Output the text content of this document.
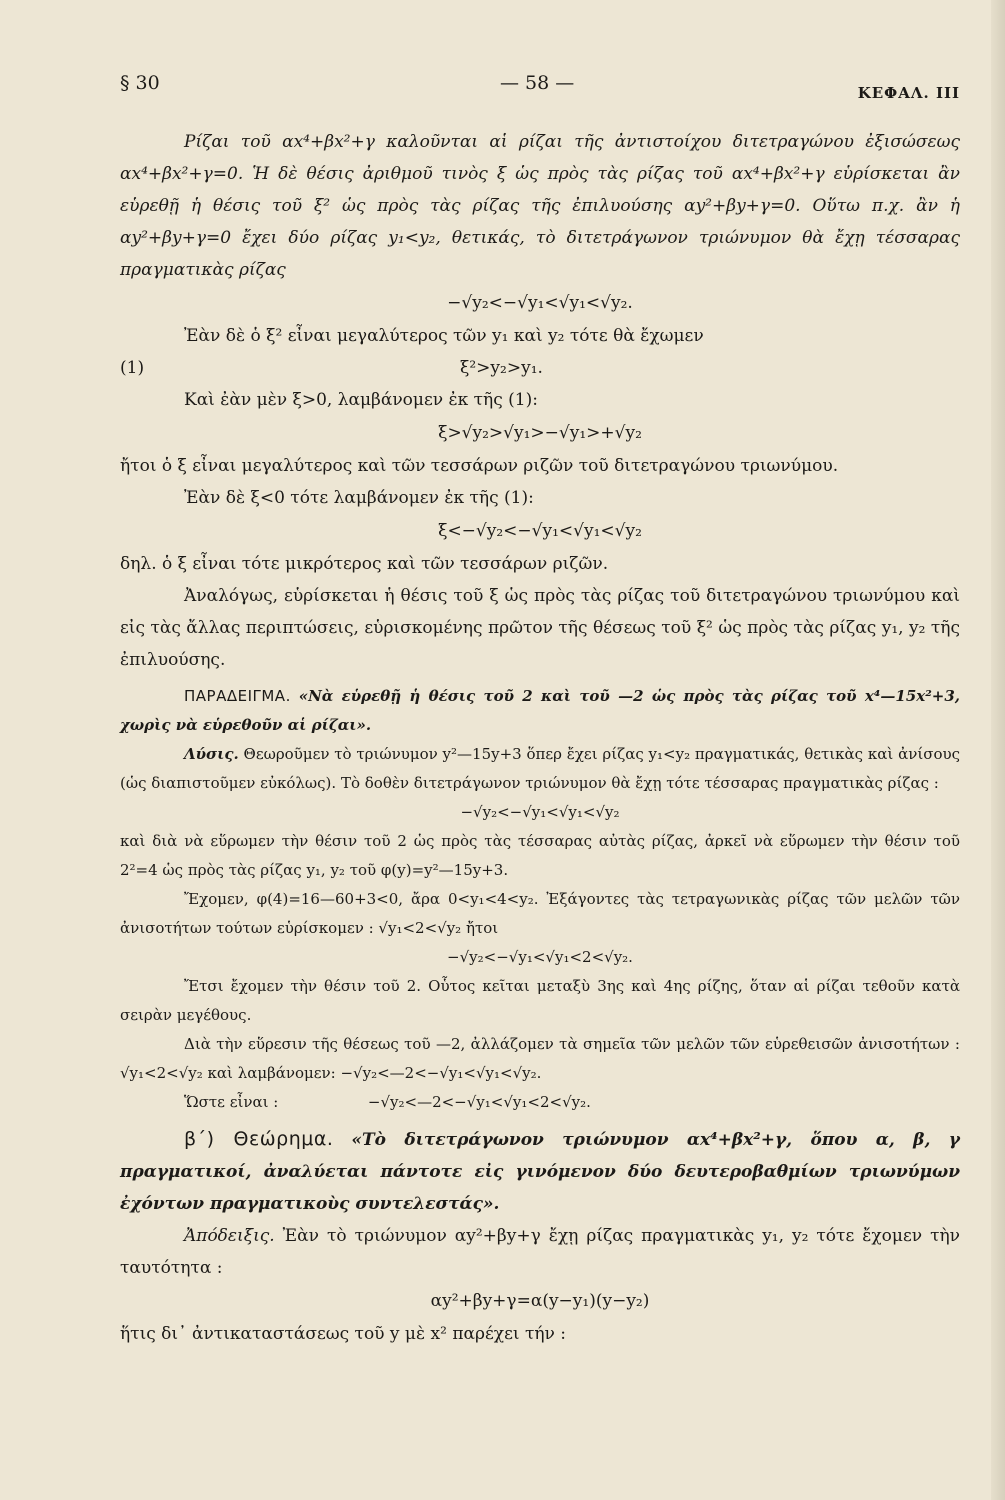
§ 30	— 58 —	ΚΕΦΑΛ. ΙΙΙ

Ρίζαι τοῦ αx⁴+βx²+γ καλοῦνται αἱ ρίζαι τῆς ἀντιστοίχου διτετραγώνου ἐξισώσεως αx⁴+βx²+γ=0. Ἡ δὲ θέσις ἀριθμοῦ τινὸς ξ ὡς πρὸς τὰς ρίζας τοῦ αx⁴+βx²+γ εὑρίσκεται ἂν εὑρεθῇ ἡ θέσις τοῦ ξ² ὡς πρὸς τὰς ρίζας τῆς ἐπιλυούσης αy²+βy+γ=0. Οὕτω π.χ. ἂν ἡ αy²+βy+γ=0 ἔχει δύο ρίζας y₁<y₂, θετικάς, τὸ διτετράγωνον τριώνυμον θὰ ἔχῃ τέσσαρας πραγματικὰς ρίζας

−√y₂<−√y₁<√y₁<√y₂.

Ἐὰν δὲ ὁ ξ² εἶναι μεγαλύτερος τῶν y₁ καὶ y₂ τότε θὰ ἔχωμεν

(1)	ξ²>y₂>y₁.

Καὶ ἐὰν μὲν ξ>0, λαμβάνομεν ἐκ τῆς (1):

ξ>√y₂>√y₁>−√y₁>+√y₂

ἤτοι ὁ ξ εἶναι μεγαλύτερος καὶ τῶν τεσσάρων ριζῶν τοῦ διτετραγώνου τριωνύμου.

Ἐὰν δὲ ξ<0 τότε λαμβάνομεν ἐκ τῆς (1):

ξ<−√y₂<−√y₁<√y₁<√y₂

δηλ. ὁ ξ εἶναι τότε μικρότερος καὶ τῶν τεσσάρων ριζῶν.

Ἀναλόγως, εὑρίσκεται ἡ θέσις τοῦ ξ ὡς πρὸς τὰς ρίζας τοῦ διτετραγώνου τριωνύμου καὶ εἰς τὰς ἄλλας περιπτώσεις, εὑρισκομένης πρῶτον τῆς θέσεως τοῦ ξ² ὡς πρὸς τὰς ρίζας y₁, y₂ τῆς ἐπιλυούσης.

ΠΑΡΑΔΕΙΓΜΑ. «Νὰ εὑρεθῇ ἡ θέσις τοῦ 2 καὶ τοῦ —2 ὡς πρὸς τὰς ρίζας τοῦ x⁴—15x²+3, χωρὶς νὰ εὑρεθοῦν αἱ ρίζαι».

Λύσις. Θεωροῦμεν τὸ τριώνυμον y²—15y+3 ὅπερ ἔχει ρίζας y₁<y₂ πραγματικάς, θετικὰς καὶ ἀνίσους (ὡς διαπιστοῦμεν εὐκόλως). Τὸ δοθὲν διτετράγωνον τριώνυμον θὰ ἔχῃ τότε τέσσαρας πραγματικὰς ρίζας :

−√y₂<−√y₁<√y₁<√y₂

καὶ διὰ νὰ εὕρωμεν τὴν θέσιν τοῦ 2 ὡς πρὸς τὰς τέσσαρας αὐτὰς ρίζας, ἀρκεῖ νὰ εὕρωμεν τὴν θέσιν τοῦ 2²=4 ὡς πρὸς τὰς ρίζας y₁, y₂ τοῦ φ(y)=y²—15y+3.

Ἔχομεν, φ(4)=16—60+3<0, ἄρα 0<y₁<4<y₂. Ἐξάγοντες τὰς τετραγωνικὰς ρίζας τῶν μελῶν τῶν ἀνισοτήτων τούτων εὑρίσκομεν : √y₁<2<√y₂ ἤτοι

−√y₂<−√y₁<√y₁<2<√y₂.

Ἔτσι ἔχομεν τὴν θέσιν τοῦ 2. Οὗτος κεῖται μεταξὺ 3ης καὶ 4ης ρίζης, ὅταν αἱ ρίζαι τεθοῦν κατὰ σειρὰν μεγέθους.

Διὰ τὴν εὕρεσιν τῆς θέσεως τοῦ —2, ἀλλάζομεν τὰ σημεῖα τῶν μελῶν τῶν εὑρεθεισῶν ἀνισοτήτων : √y₁<2<√y₂ καὶ λαμβάνομεν: −√y₂<—2<−√y₁<√y₁<√y₂.

Ὥστε εἶναι :	−√y₂<—2<−√y₁<√y₁<2<√y₂.

β΄) Θεώρημα. «Τὸ διτετράγωνον τριώνυμον αx⁴+βx²+γ, ὅπου α, β, γ πραγματικοί, ἀναλύεται πάντοτε εἰς γινόμενον δύο δευτεροβαθμίων τριωνύμων ἐχόντων πραγματικοὺς συντελεστάς».

Ἀπόδειξις. Ἐὰν τὸ τριώνυμον αy²+βy+γ ἔχῃ ρίζας πραγματικὰς y₁, y₂ τότε ἔχομεν τὴν ταυτότητα :

αy²+βy+γ=α(y−y₁)(y−y₂)

ἥτις δι᾽ ἀντικαταστάσεως τοῦ y μὲ x² παρέχει τήν :
